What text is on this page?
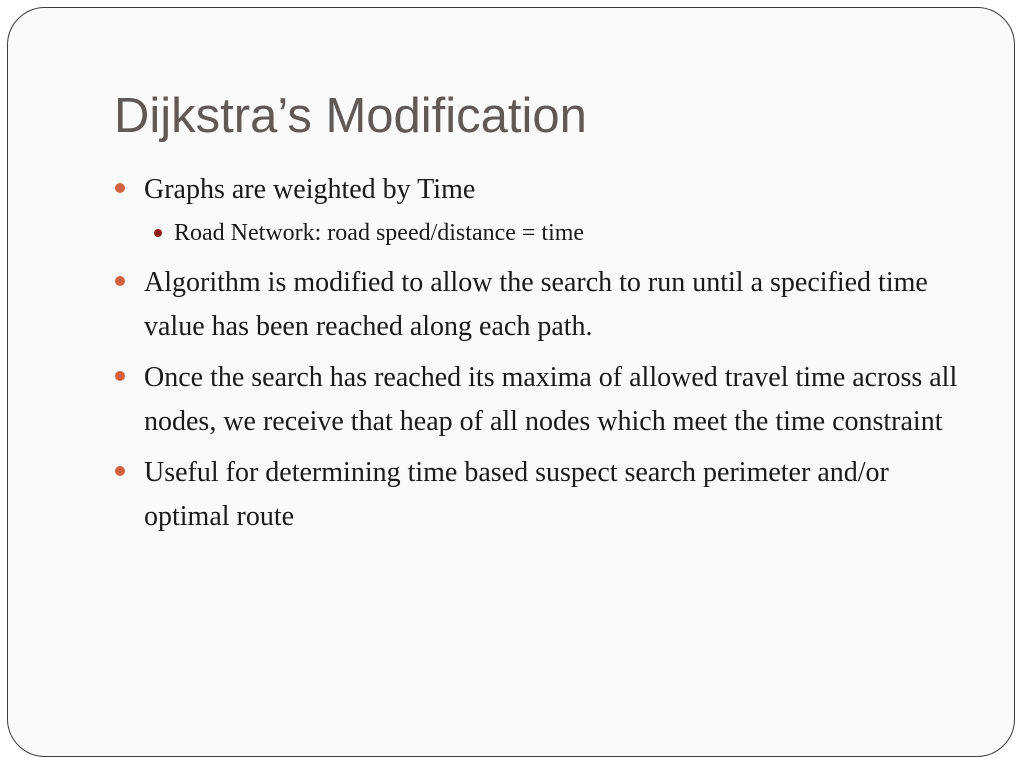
Dijkstra’s Modification
Graphs are weighted by Time
Road Network: road speed/distance = time
Algorithm is modified to allow the search to run until a specified time value has been reached along each path.
Once the search has reached its maxima of allowed travel time across all nodes, we receive that heap of all nodes which meet the time constraint
Useful for determining time based suspect search perimeter and/or optimal route
